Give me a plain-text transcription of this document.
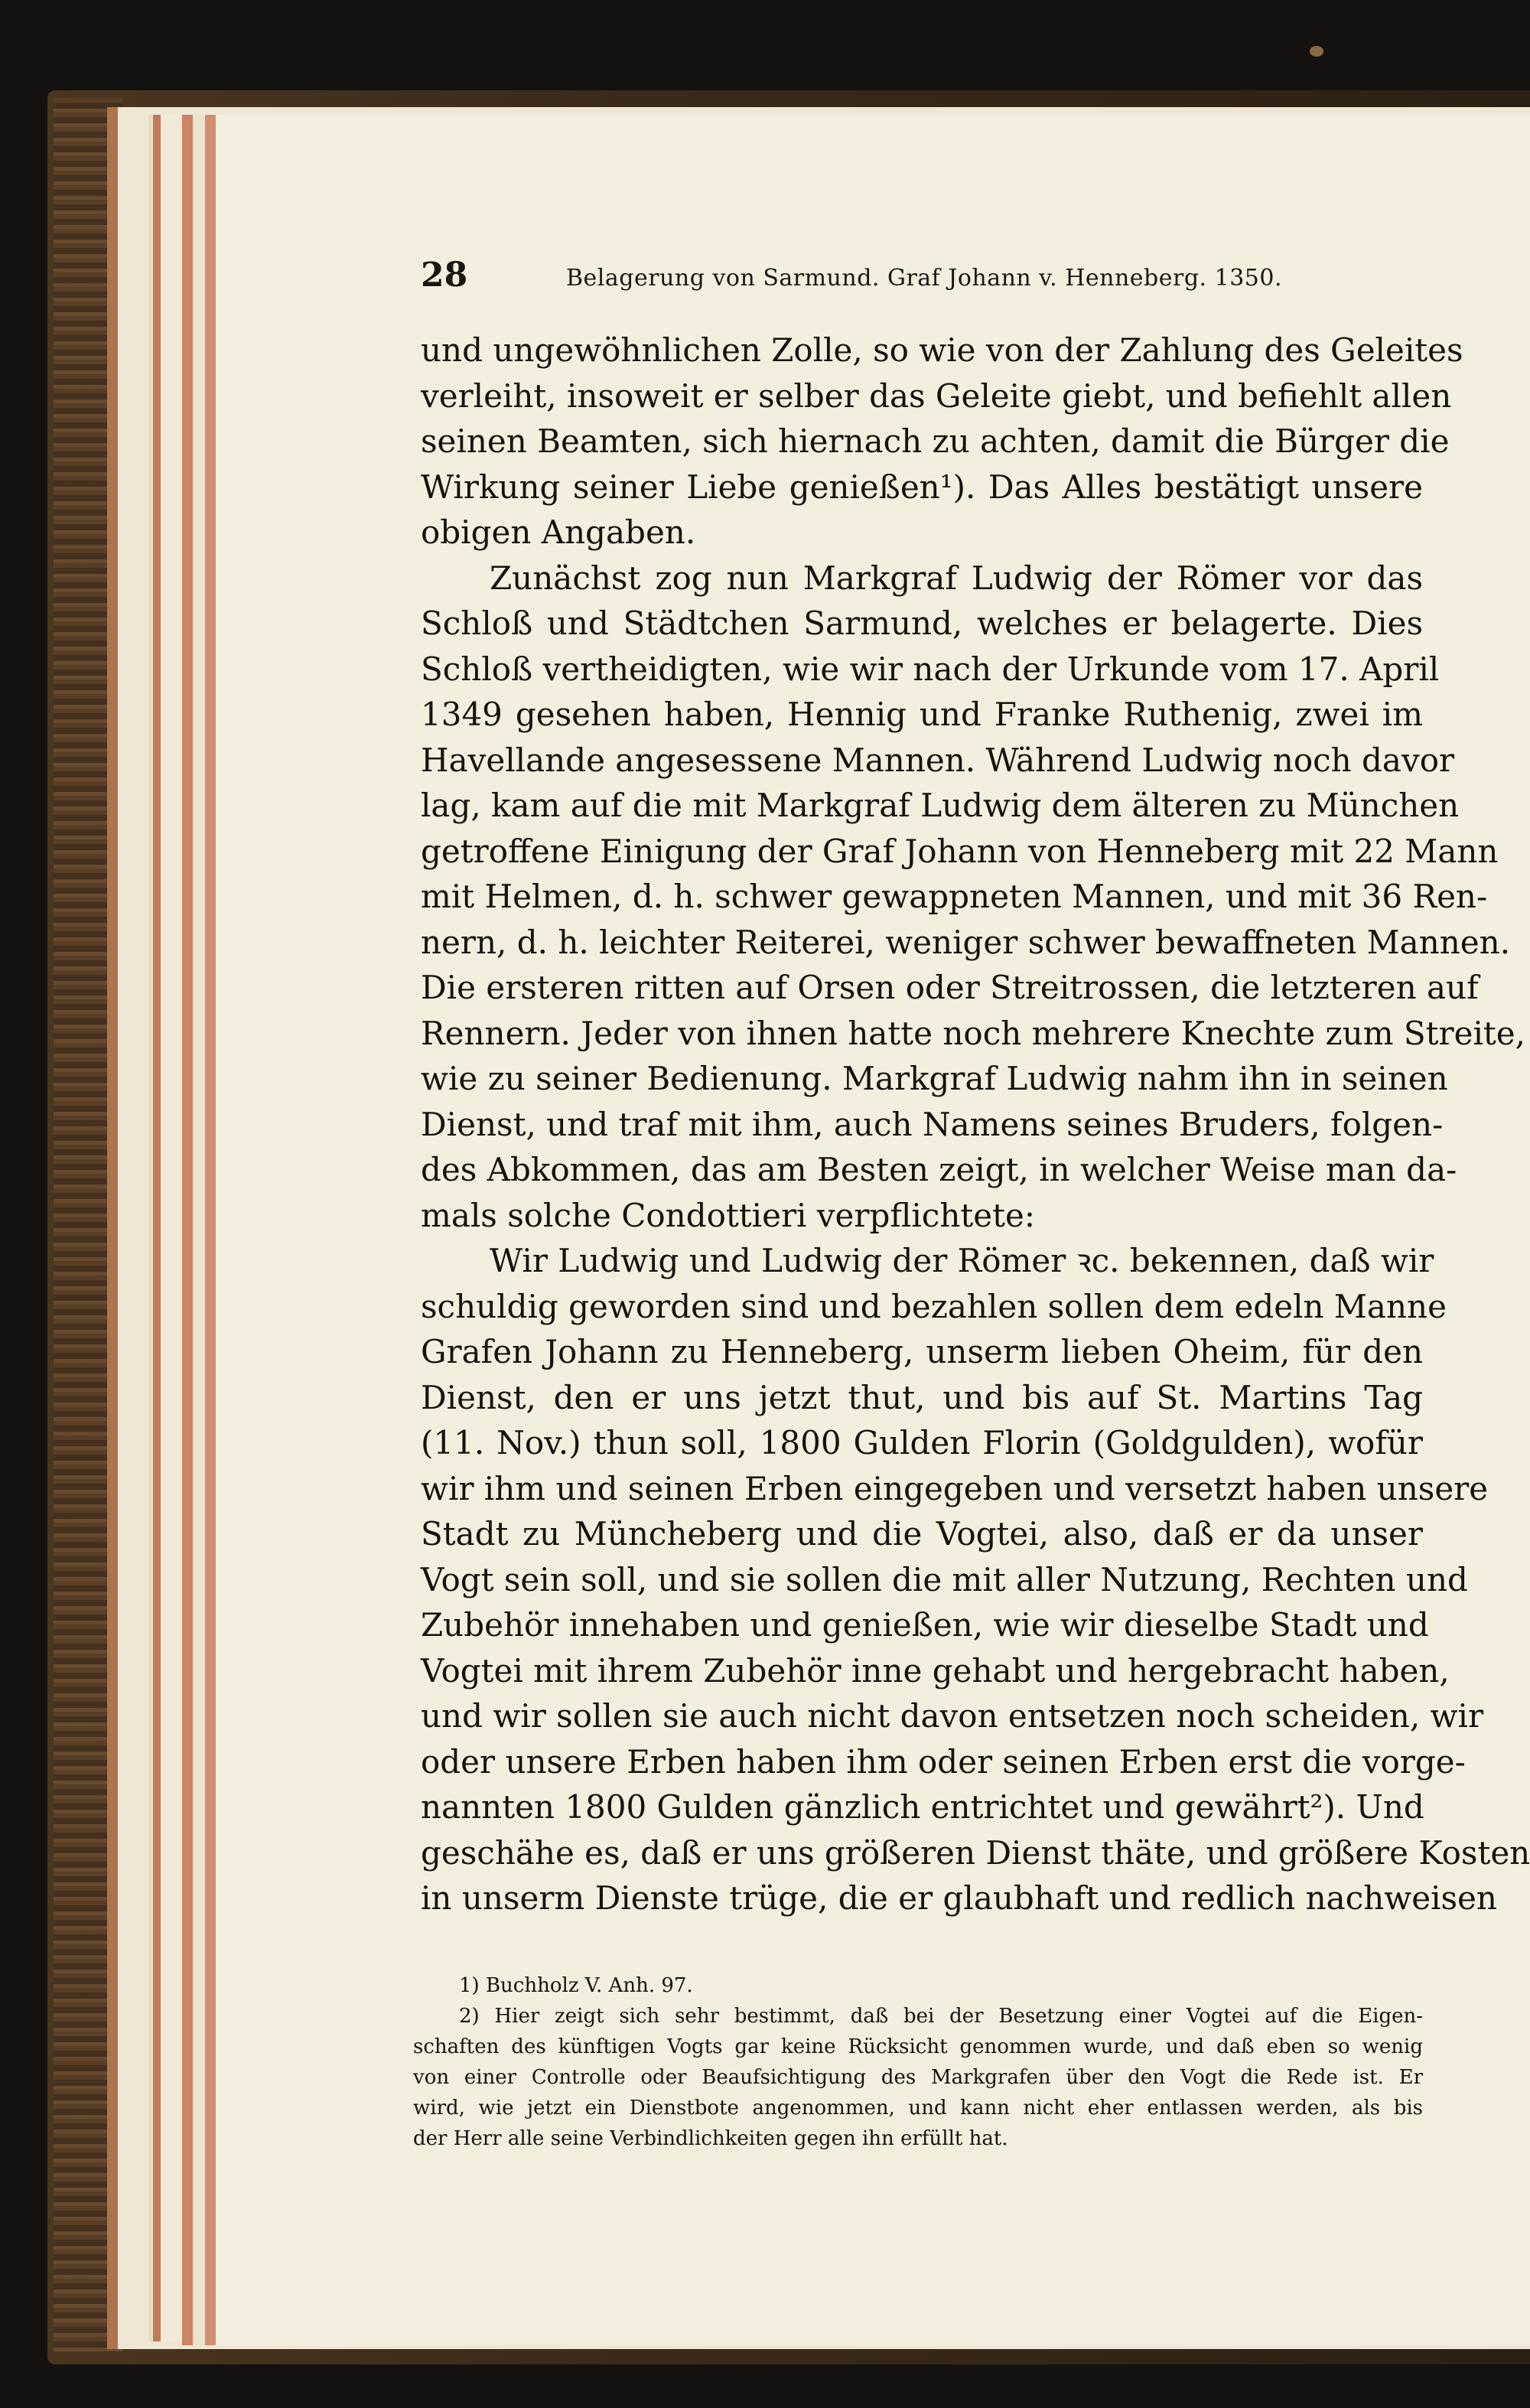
28	Belagerung von Sarmund. Graf Johann v. Henneberg. 1350.
und ungewöhnlichen Zolle, so wie von der Zahlung des Geleites
verleiht, insoweit er selber das Geleite giebt, und befiehlt allen
seinen Beamten, sich hiernach zu achten, damit die Bürger die
Wirkung seiner Liebe genießen¹). Das Alles bestätigt unsere
obigen Angaben.
Zunächst zog nun Markgraf Ludwig der Römer vor das
Schloß und Städtchen Sarmund, welches er belagerte. Dies
Schloß vertheidigten, wie wir nach der Urkunde vom 17. April
1349 gesehen haben, Hennig und Franke Ruthenig, zwei im
Havellande angesessene Mannen. Während Ludwig noch davor
lag, kam auf die mit Markgraf Ludwig dem älteren zu München
getroffene Einigung der Graf Johann von Henneberg mit 22 Mann
mit Helmen, d. h. schwer gewappneten Mannen, und mit 36 Ren-
nern, d. h. leichter Reiterei, weniger schwer bewaffneten Mannen.
Die ersteren ritten auf Orsen oder Streitrossen, die letzteren auf
Rennern. Jeder von ihnen hatte noch mehrere Knechte zum Streite,
wie zu seiner Bedienung. Markgraf Ludwig nahm ihn in seinen
Dienst, und traf mit ihm, auch Namens seines Bruders, folgen-
des Abkommen, das am Besten zeigt, in welcher Weise man da-
mals solche Condottieri verpflichtete:
Wir Ludwig und Ludwig der Römer ꝛc. bekennen, daß wir
schuldig geworden sind und bezahlen sollen dem edeln Manne
Grafen Johann zu Henneberg, unserm lieben Oheim, für den
Dienst, den er uns jetzt thut, und bis auf St. Martins Tag
(11. Nov.) thun soll, 1800 Gulden Florin (Goldgulden), wofür
wir ihm und seinen Erben eingegeben und versetzt haben unsere
Stadt zu Müncheberg und die Vogtei, also, daß er da unser
Vogt sein soll, und sie sollen die mit aller Nutzung, Rechten und
Zubehör innehaben und genießen, wie wir dieselbe Stadt und
Vogtei mit ihrem Zubehör inne gehabt und hergebracht haben,
und wir sollen sie auch nicht davon entsetzen noch scheiden, wir
oder unsere Erben haben ihm oder seinen Erben erst die vorge-
nannten 1800 Gulden gänzlich entrichtet und gewährt²). Und
geschähe es, daß er uns größeren Dienst thäte, und größere Kosten
in unserm Dienste trüge, die er glaubhaft und redlich nachweisen
1) Buchholz V. Anh. 97.
2) Hier zeigt sich sehr bestimmt, daß bei der Besetzung einer Vogtei auf die Eigen-
schaften des künftigen Vogts gar keine Rücksicht genommen wurde, und daß eben so wenig
von einer Controlle oder Beaufsichtigung des Markgrafen über den Vogt die Rede ist. Er
wird, wie jetzt ein Dienstbote angenommen, und kann nicht eher entlassen werden, als bis
der Herr alle seine Verbindlichkeiten gegen ihn erfüllt hat.
